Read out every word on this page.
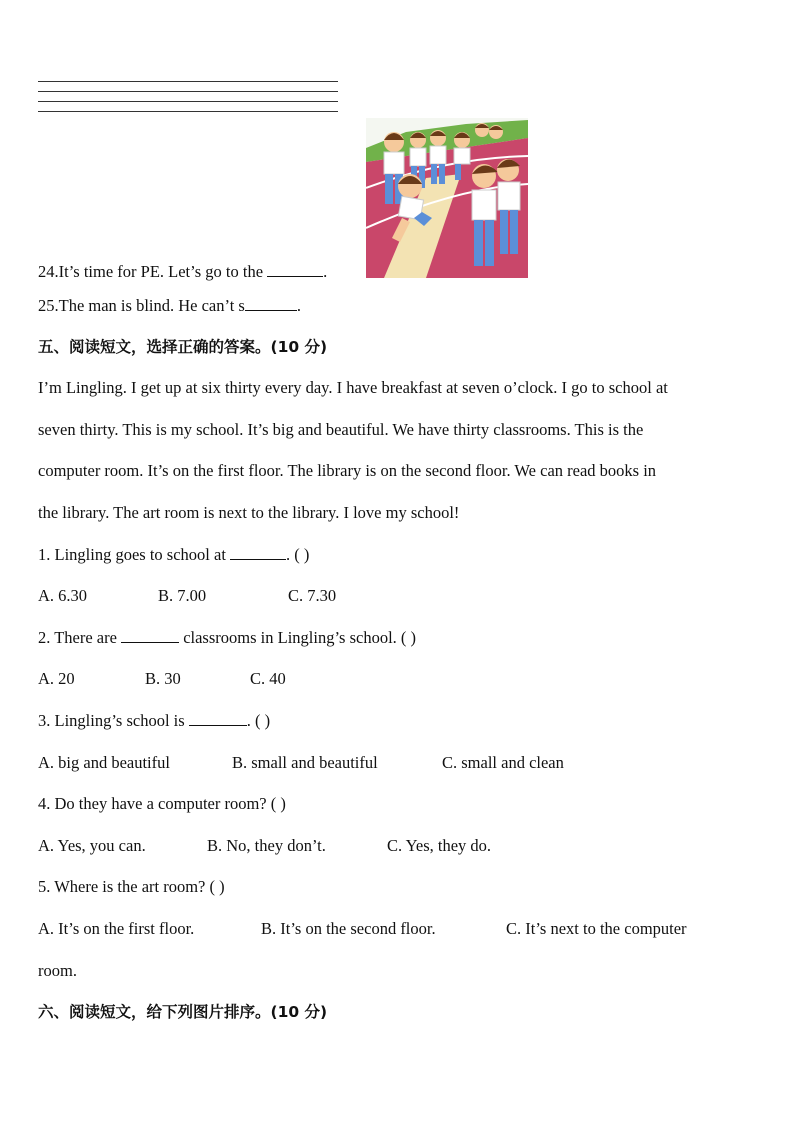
24.It’s time for PE. Let’s go to the	.
25.The man is blind. He can’t s	.
五、阅读短文，选择正确的答案。(10 分)
I’m Lingling. I get up at six thirty every day. I have breakfast at seven o’clock. I go to school at
seven thirty. This is my school. It’s big and beautiful. We have thirty classrooms. This is the
computer room. It’s on the first floor. The library is on the second floor. We can read books in
the library. The art room is next to the library. I love my school!
1. Lingling goes to school at	. ( )
A. 6.30	B. 7.00	C. 7.30
2. There are	classrooms in Lingling’s school. ( )
A. 20	B. 30	C. 40
3. Lingling’s school is	. ( )
A. big and beautiful	B. small and beautiful	C. small and clean
4. Do they have a computer room? ( )
A. Yes, you can.	B. No, they don’t.	C. Yes, they do.
5. Where is the art room? ( )
A. It’s on the first floor.	B. It’s on the second floor.	C. It’s next to the computer
room.
六、阅读短文，给下列图片排序。(10 分)
